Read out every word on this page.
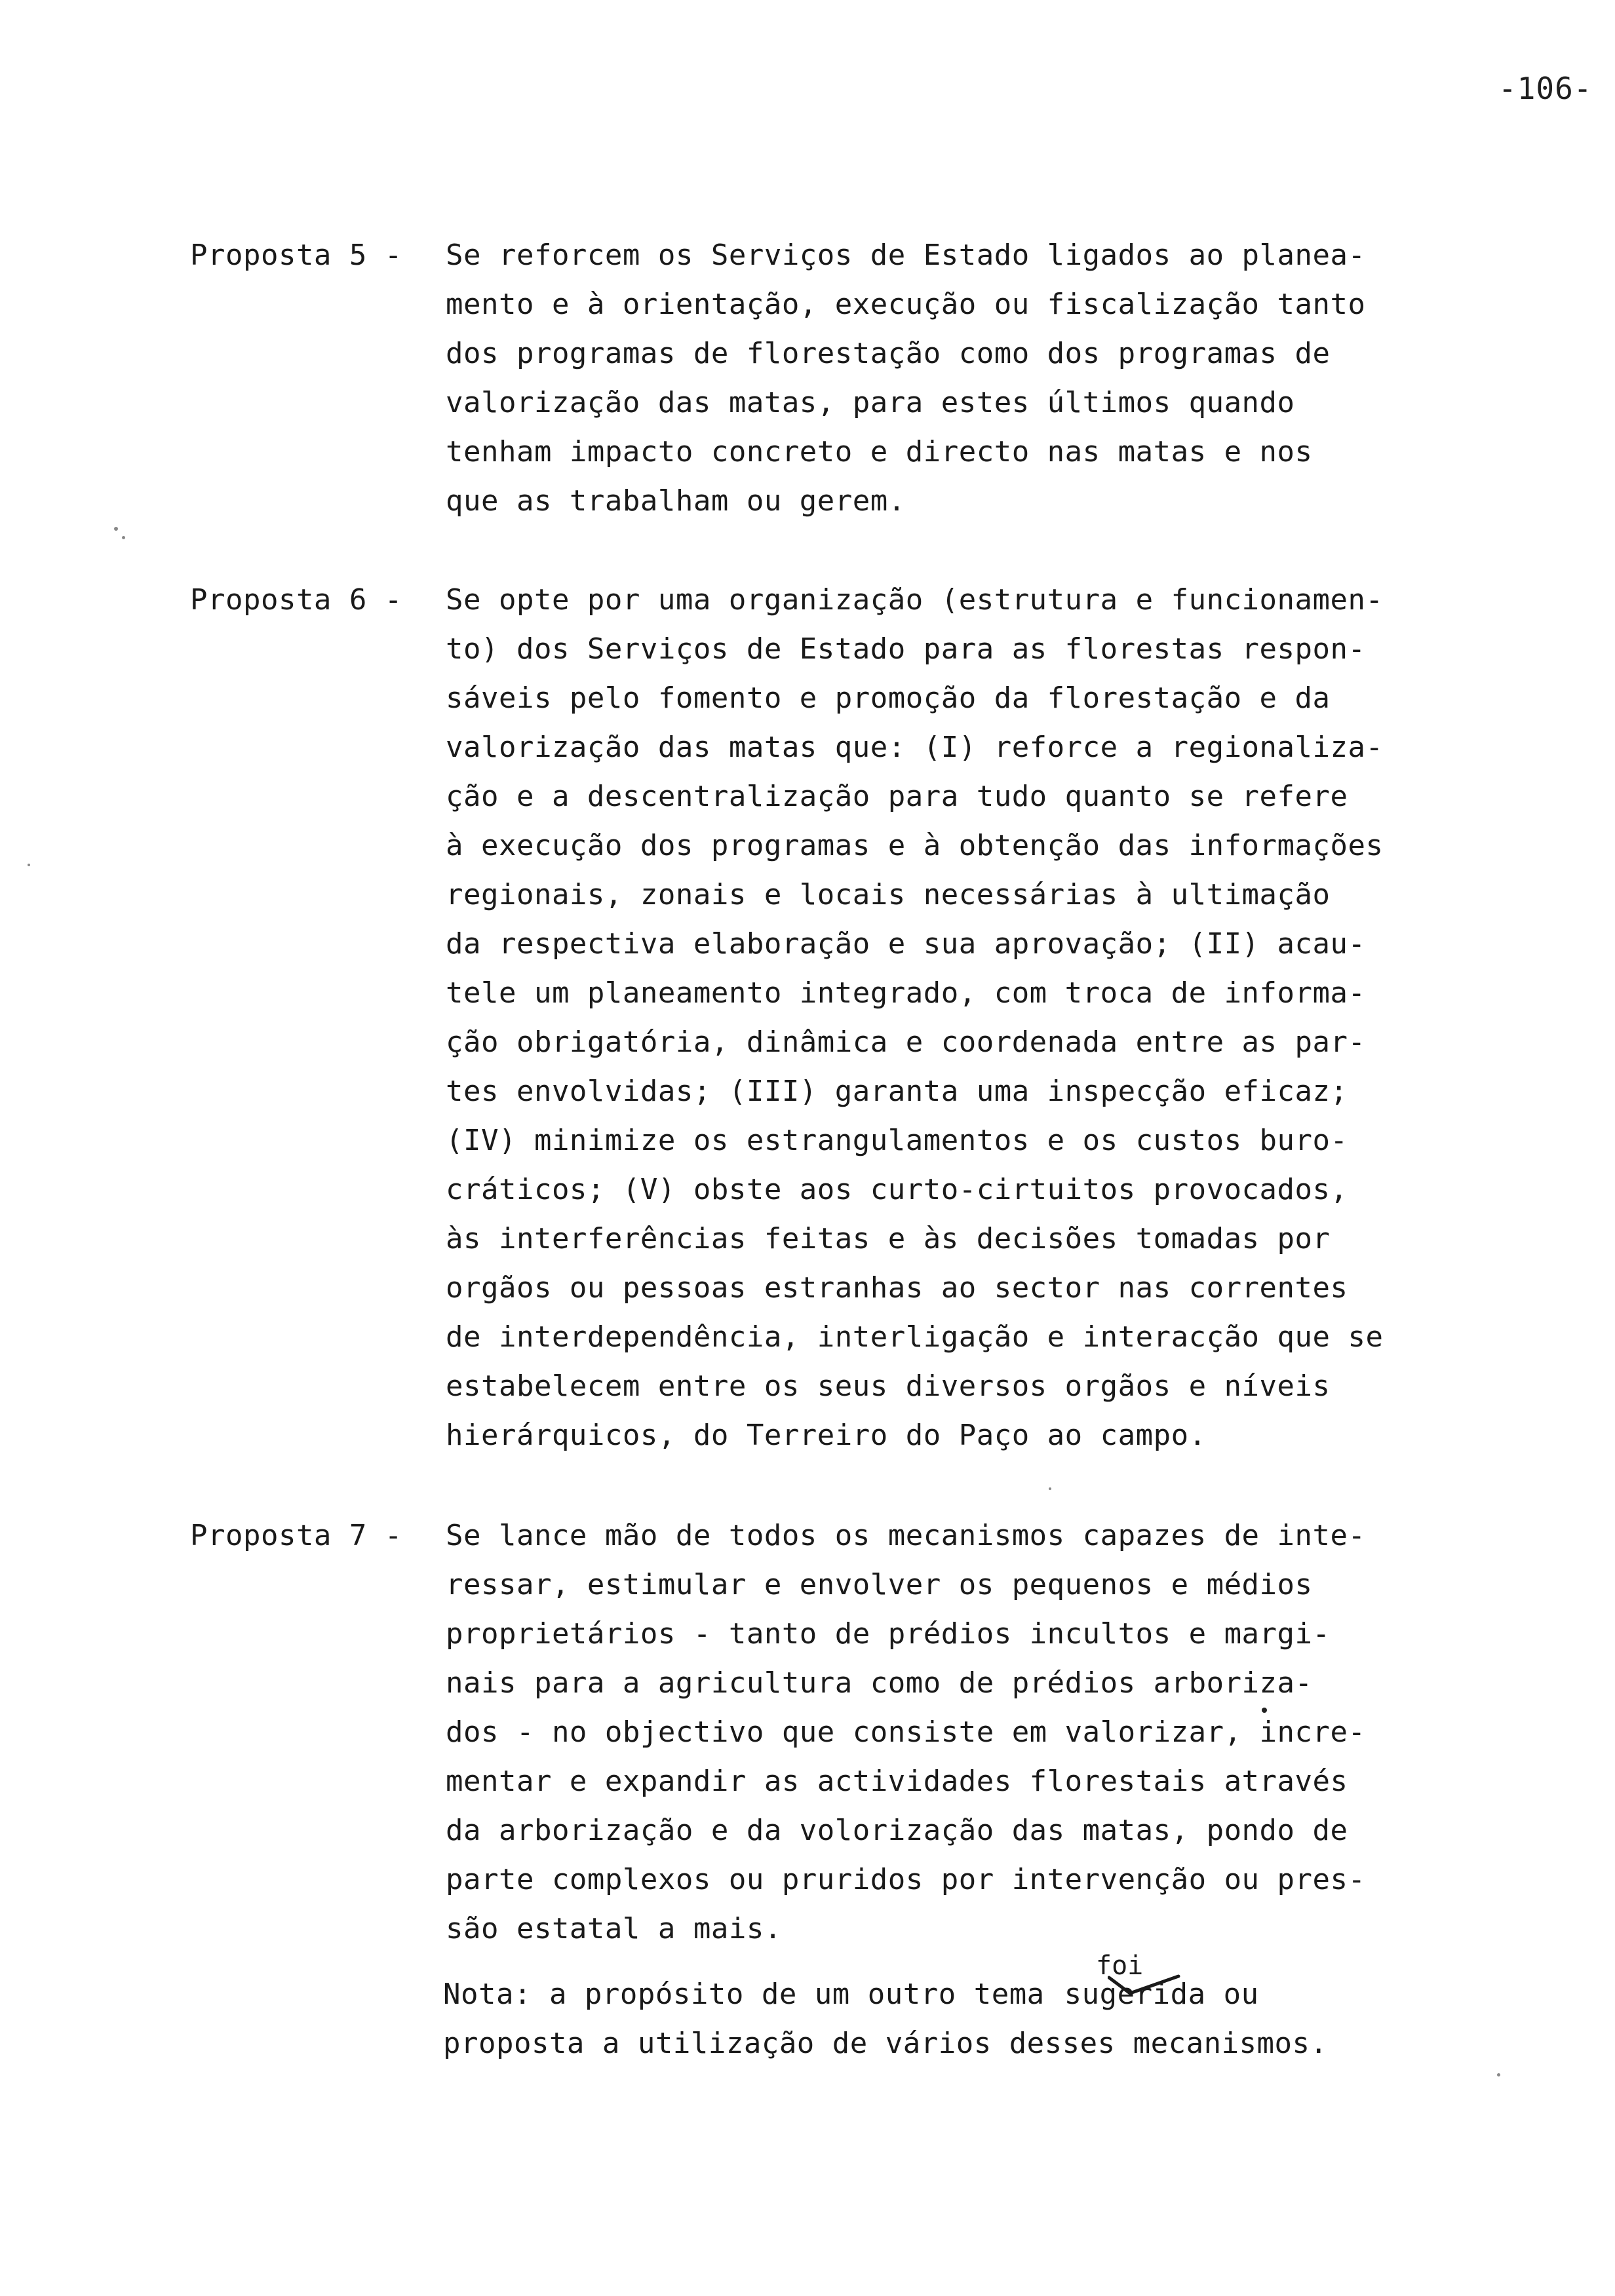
-106-
Proposta 5 - Se reforcem os Serviços de Estado ligados ao planea-
mento e à orientação, execução ou fiscalização tanto
dos programas de florestação como dos programas de
valorização das matas, para estes últimos quando
tenham impacto concreto e directo nas matas e nos
que as trabalham ou gerem.
Proposta 6 - Se opte por uma organização (estrutura e funcionamen-
to) dos Serviços de Estado para as florestas respon-
sáveis pelo fomento e promoção da florestação e da
valorização das matas que: (I) reforce a regionaliza-
ção e a descentralização para tudo quanto se refere
à execução dos programas e à obtenção das informações
regionais, zonais e locais necessárias à ultimação
da respectiva elaboração e sua aprovação; (II) acau-
tele um planeamento integrado, com troca de informa-
ção obrigatória, dinâmica e coordenada entre as par-
tes envolvidas; (III) garanta uma inspecção eficaz;
(IV) minimize os estrangulamentos e os custos buro-
cráticos; (V) obste aos curto-cirtuitos provocados,
às interferências feitas e às decisões tomadas por
orgãos ou pessoas estranhas ao sector nas correntes
de interdependência, interligação e interacção que se
estabelecem entre os seus diversos orgãos e níveis
hierárquicos, do Terreiro do Paço ao campo.
Proposta 7 - Se lance mão de todos os mecanismos capazes de inte-
ressar, estimular e envolver os pequenos e médios
proprietários - tanto de prédios incultos e margi-
nais para a agricultura como de prédios arboriza-
dos - no objectivo que consiste em valorizar, incre-
mentar e expandir as actividades florestais através
da arborização e da volorização das matas, pondo de
parte complexos ou pruridos por intervenção ou pres-
são estatal a mais.
Nota: a propósito de um outro tema sugerida ou
foi
proposta a utilização de vários desses mecanismos.
